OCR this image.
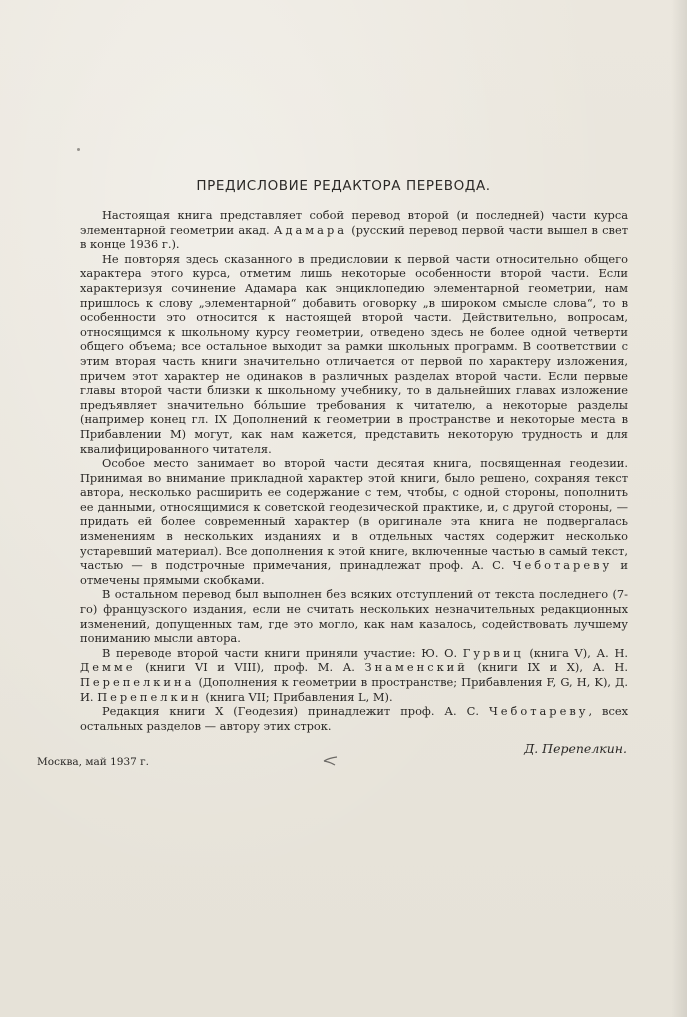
ПРЕДИСЛОВИЕ РЕДАКТОРА ПЕРЕВОДА.

Настоящая книга представляет собой перевод второй (и последней) части курса элементарной геометрии акад. Адамара (русский перевод первой части вышел в свет в конце 1936 г.).

Не повторяя здесь сказанного в предисловии к первой части относительно общего характера этого курса, отметим лишь некоторые особенности второй части. Если характеризуя сочинение Адамара как энциклопедию элементарной геометрии, нам пришлось к слову „элементарной“ добавить оговорку „в широком смысле слова“, то в особенности это относится к настоящей второй части. Действительно, вопросам, относящимся к школьному курсу геометрии, отведено здесь не более одной четверти общего объема; все остальное выходит за рамки школьных программ. В соответствии с этим вторая часть книги значительно отличается от первой по характеру изложения, причем этот характер не одинаков в различных разделах второй части. Если первые главы второй части близки к школьному учебнику, то в дальнейших главах изложение предъявляет значительно бо́льшие требования к читателю, а некоторые разделы (например конец гл. IX Дополнений к геометрии в пространстве и некоторые места в Прибавлении M) могут, как нам кажется, представить некоторую трудность и для квалифицированного читателя.

Особое место занимает во второй части десятая книга, посвященная геодезии. Принимая во внимание прикладной характер этой книги, было решено, сохраняя текст автора, несколько расширить ее содержание с тем, чтобы, с одной стороны, пополнить ее данными, относящимися к советской геодезической практике, и, с другой стороны, — придать ей более современный характер (в оригинале эта книга не подвергалась изменениям в нескольких изданиях и в отдельных частях содержит несколько устаревший материал). Все дополнения к этой книге, включенные частью в самый текст, частью — в подстрочные примечания, принадлежат проф. А. С. Чеботареву и отмечены прямыми скобками.

В остальном перевод был выполнен без всяких отступлений от текста последнего (7-го) французского издания, если не считать нескольких незначительных редакционных изменений, допущенных там, где это могло, как нам казалось, содействовать лучшему пониманию мысли автора.

В переводе второй части книги приняли участие: Ю. О. Гурвиц (книга V), А. Н. Демме (книги VI и VIII), проф. М. А. Знаменский (книги IX и X), А. Н. Перепелкина (Дополнения к геометрии в пространстве; Прибавления F, G, H, K), Д. И. Перепелкин (книга VII; Прибавления L, M).

Редакция книги X (Геодезия) принадлежит проф. А. С. Чеботареву, всех остальных разделов — автору этих строк.

Д. Перепелкин.
Москва, май 1937 г.
